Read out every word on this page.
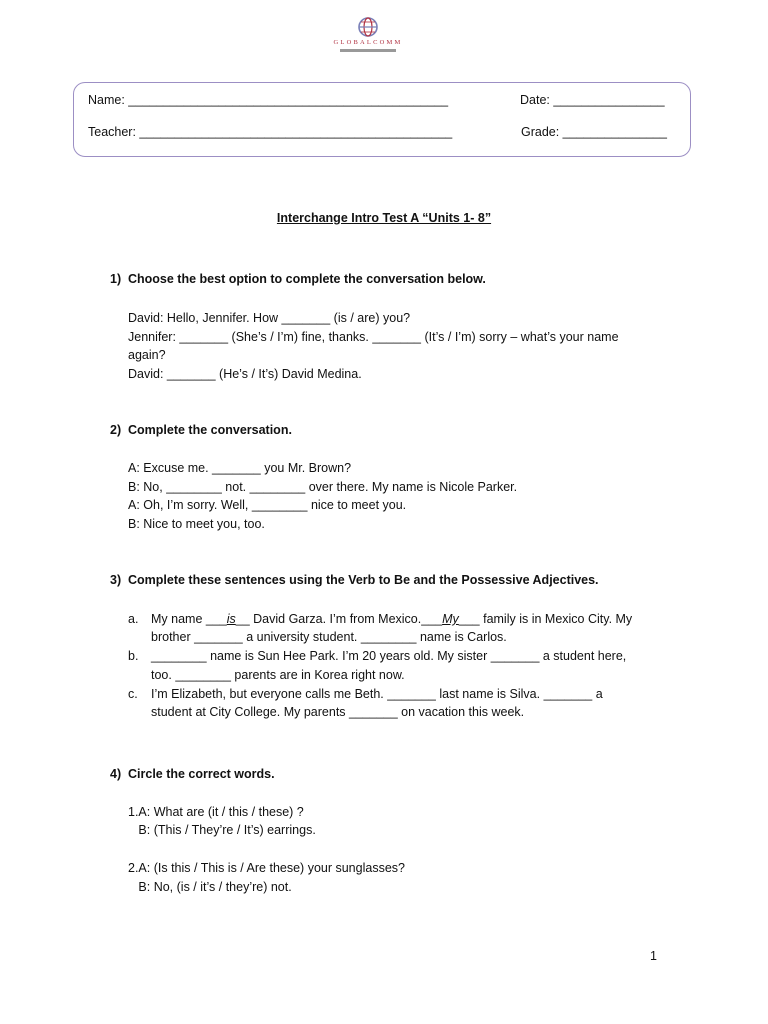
GLOBALCOMM
Name: ______________________________________________	Date: ________________
Teacher: _____________________________________________	Grade: _______________
Interchange Intro Test A “Units 1- 8”
1) Choose the best option to complete the conversation below.
David: Hello, Jennifer. How _______ (is / are) you?
Jennifer: _______ (She’s / I’m) fine, thanks. _______ (It’s / I’m) sorry – what’s your name
again?
David: _______ (He’s / It’s) David Medina.
2) Complete the conversation.
A: Excuse me. _______ you Mr. Brown?
B: No, ________ not. ________ over there. My name is Nicole Parker.
A: Oh, I’m sorry. Well, ________ nice to meet you.
B: Nice to meet you, too.
3) Complete these sentences using the Verb to Be and the Possessive Adjectives.
a. My name ___is__ David Garza. I’m from Mexico.___My___ family is in Mexico City. My
brother _______ a university student. ________ name is Carlos.
b. ________ name is Sun Hee Park. I’m 20 years old. My sister _______ a student here,
too. ________ parents are in Korea right now.
c. I’m Elizabeth, but everyone calls me Beth. _______ last name is Silva. _______ a
student at City College. My parents _______ on vacation this week.
4) Circle the correct words.
1.A: What are (it / this / these) ?
B: (This / They’re / It’s) earrings.
2.A: (Is this / This is / Are these) your sunglasses?
B: No, (is / it’s / they’re) not.
1
